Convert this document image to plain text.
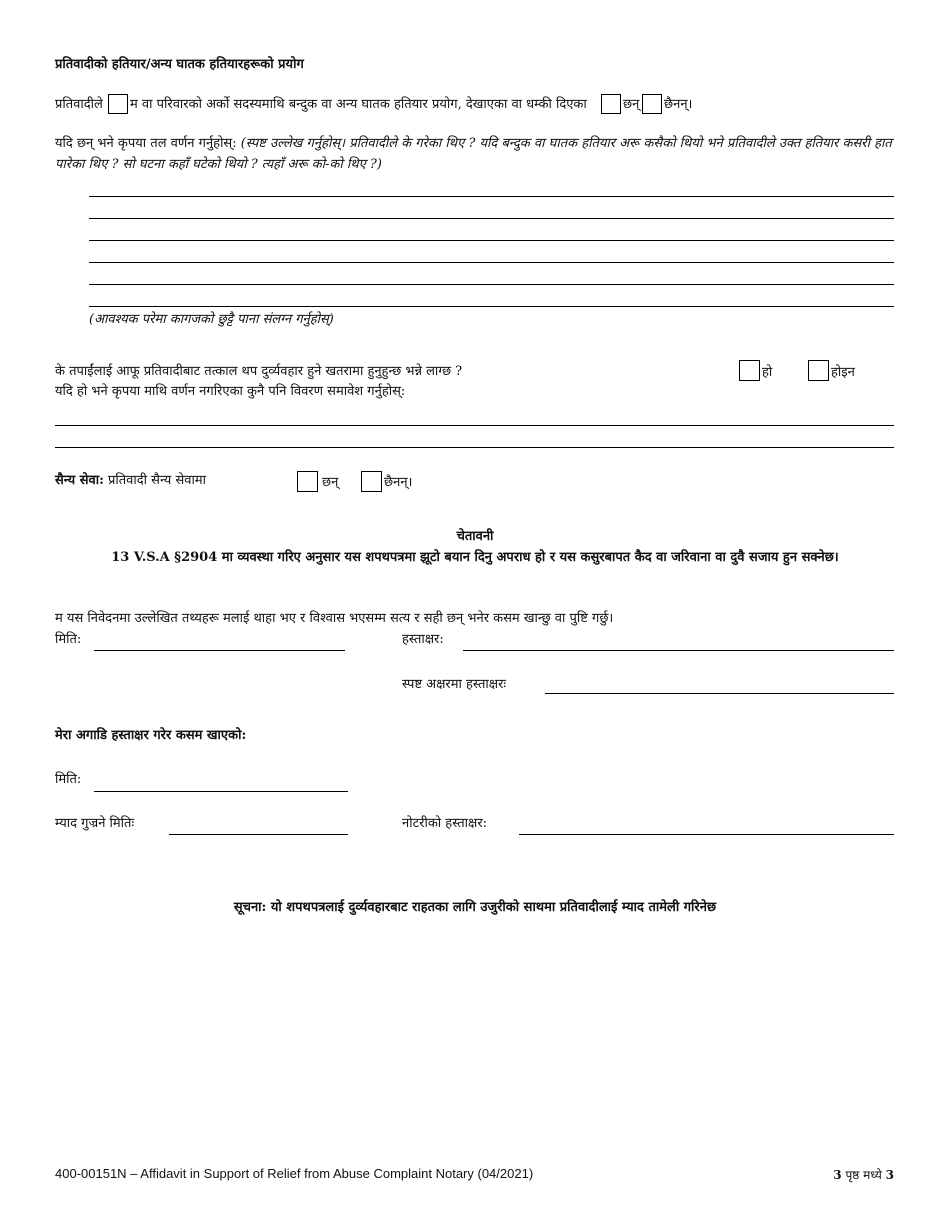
प्रतिवादीको हतियार/अन्य घातक हतियारहरूको प्रयोग
प्रतिवादीले म वा परिवारको अर्को सदस्यमाथि बन्दुक वा अन्य घातक हतियार प्रयोग, देखाएका वा धम्की दिएका	छन् छैनन्।
यदि छन् भने कृपया तल वर्णन गर्नुहोस्: (स्पष्ट उल्लेख गर्नुहोस्। प्रतिवादीले के गरेका थिए ? यदि बन्दुक वा घातक हतियार अरू कसैको थियो भने प्रतिवादीले उक्त हतियार कसरी हात पारेका थिए ? सो घटना कहाँ घटेको थियो ? त्यहाँ अरू को-को थिए ?)
(आवश्यक परेमा कागजको छुट्टै पाना संलग्न गर्नुहोस्)
के तपाईंलाई आफू प्रतिवादीबाट तत्काल थप दुर्व्यवहार हुने खतरामा हुनुहुन्छ भन्ने लाग्छ ?	हो	होइन
यदि हो भने कृपया माथि वर्णन नगरिएका कुनै पनि विवरण समावेश गर्नुहोस्:
सैन्य सेवा: प्रतिवादी सैन्य सेवामा	छन्	छैनन्।
चेतावनी
13 V.S.A §2904 मा व्यवस्था गरिए अनुसार यस शपथपत्रमा झूटो बयान दिनु अपराध हो र यस कसुरबापत कैद वा जरिवाना वा दुवै सजाय हुन सक्नेछ।
म यस निवेदनमा उल्लेखित तथ्यहरू मलाई थाहा भए र विश्वास भएसम्म सत्य र सही छन् भनेर कसम खान्छु वा पुष्टि गर्छु।
मिति:	हस्ताक्षर:
स्पष्ट अक्षरमा हस्ताक्षरः
मेरा अगाडि हस्ताक्षर गरेर कसम खाएको:
मिति:
म्याद गुज्रने मितिः	नोटरीको हस्ताक्षर:
सूचना: यो शपथपत्रलाई दुर्व्यवहारबाट राहतका लागि उजुरीको साथमा प्रतिवादीलाई म्याद तामेली गरिनेछ
400-00151N – Affidavit in Support of Relief from Abuse Complaint Notary (04/2021)	3 पृष्ठ मध्ये 3
